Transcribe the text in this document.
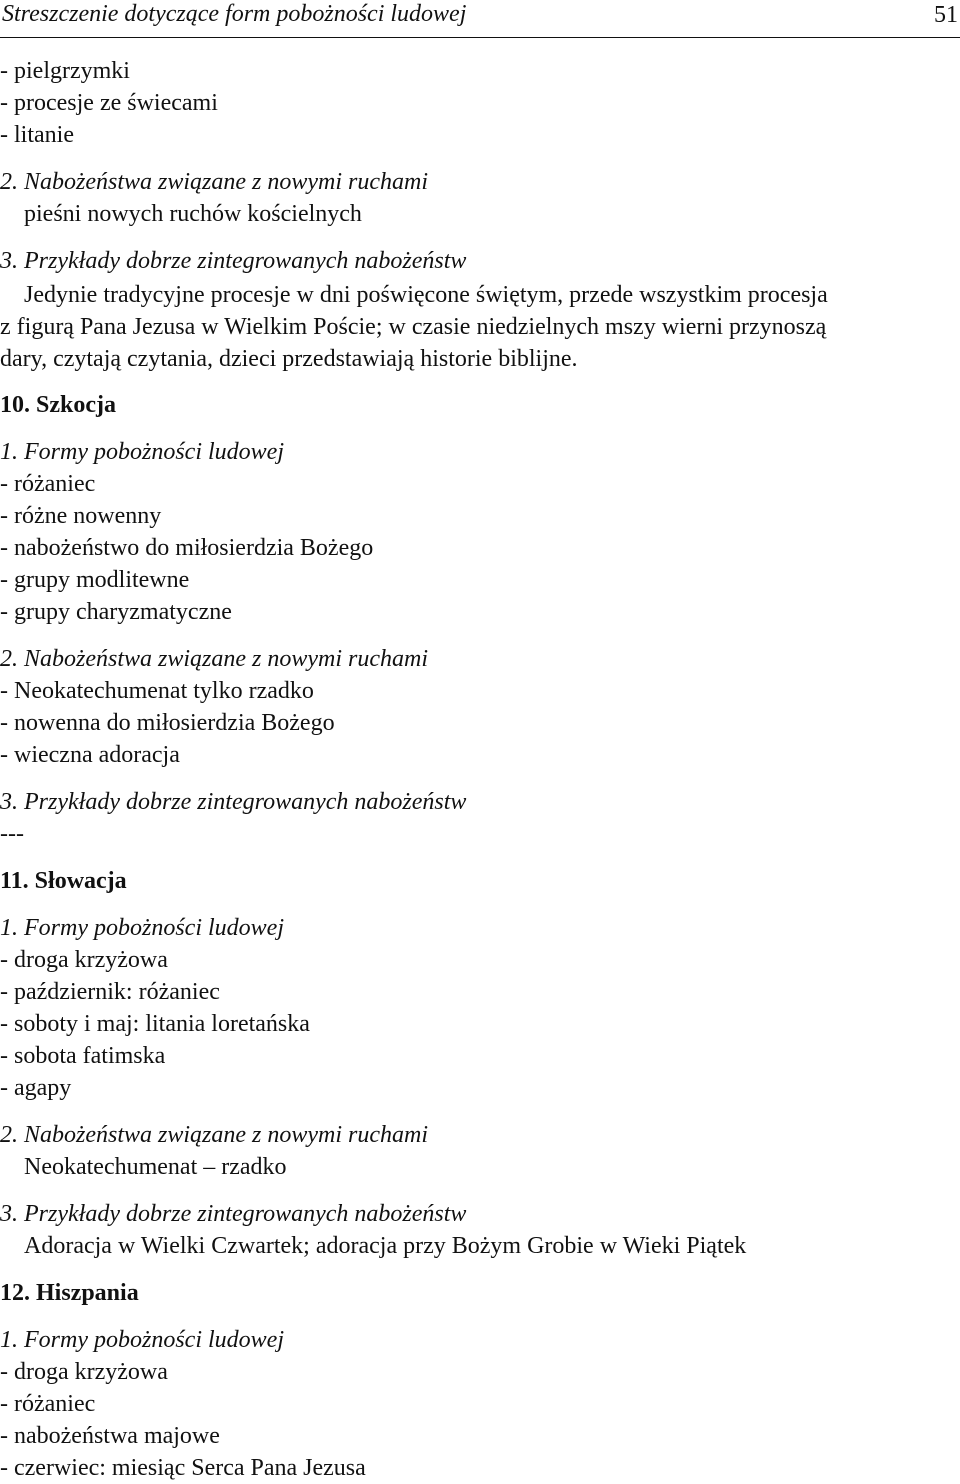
Streszczenie dotyczące form pobożności ludowej	51
- pielgrzymki
- procesje ze świecami
- litanie
2. Nabożeństwa związane z nowymi ruchami
pieśni nowych ruchów kościelnych
3. Przykłady dobrze zintegrowanych nabożeństw
Jedynie tradycyjne procesje w dni poświęcone świętym, przede wszystkim procesja
z figurą Pana Jezusa w Wielkim Poście; w czasie niedzielnych mszy wierni przynoszą
dary, czytają czytania, dzieci przedstawiają historie biblijne.
10. Szkocja
1. Formy pobożności ludowej
- różaniec
- różne nowenny
- nabożeństwo do miłosierdzia Bożego
- grupy modlitewne
- grupy charyzmatyczne
2. Nabożeństwa związane z nowymi ruchami
- Neokatechumenat tylko rzadko
- nowenna do miłosierdzia Bożego
- wieczna adoracja
3. Przykłady dobrze zintegrowanych nabożeństw
---
11. Słowacja
1. Formy pobożności ludowej
- droga krzyżowa
- październik: różaniec
- soboty i maj: litania loretańska
- sobota fatimska
- agapy
2. Nabożeństwa związane z nowymi ruchami
Neokatechumenat – rzadko
3. Przykłady dobrze zintegrowanych nabożeństw
Adoracja w Wielki Czwartek; adoracja przy Bożym Grobie w Wieki Piątek
12. Hiszpania
1. Formy pobożności ludowej
- droga krzyżowa
- różaniec
- nabożeństwa majowe
- czerwiec: miesiąc Serca Pana Jezusa
